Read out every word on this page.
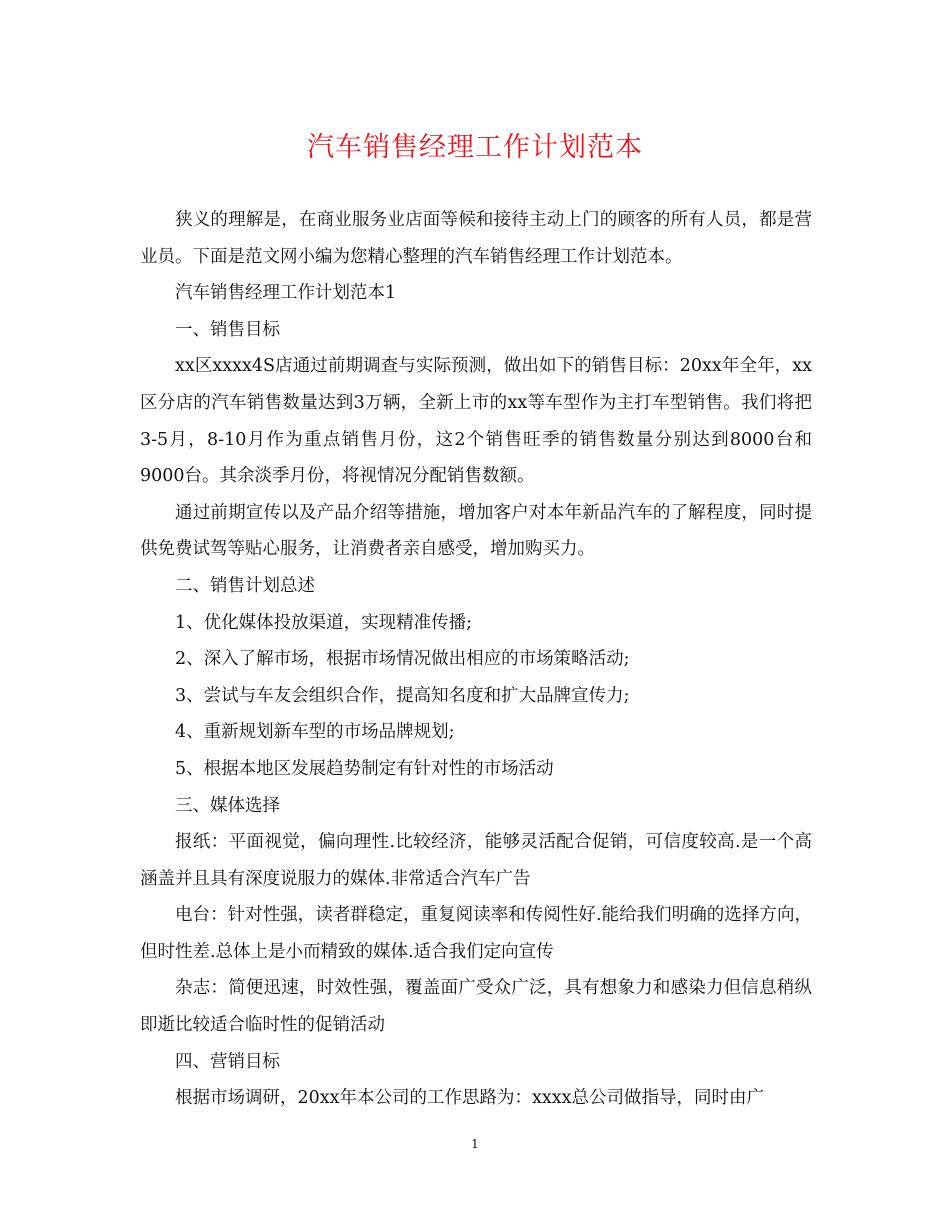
汽车销售经理工作计划范本

狭义的理解是，在商业服务业店面等候和接待主动上门的顾客的所有人员，都是营业员。下面是范文网小编为您精心整理的汽车销售经理工作计划范本。

汽车销售经理工作计划范本1

一、销售目标

xx区xxxx4S店通过前期调查与实际预测，做出如下的销售目标：20xx年全年，xx区分店的汽车销售数量达到3万辆，全新上市的xx等车型作为主打车型销售。我们将把3-5月，8-10月作为重点销售月份，这2个销售旺季的销售数量分别达到8000台和9000台。其余淡季月份，将视情况分配销售数额。

通过前期宣传以及产品介绍等措施，增加客户对本年新品汽车的了解程度，同时提供免费试驾等贴心服务，让消费者亲自感受，增加购买力。

二、销售计划总述

1、优化媒体投放渠道，实现精准传播;

2、深入了解市场，根据市场情况做出相应的市场策略活动;

3、尝试与车友会组织合作，提高知名度和扩大品牌宣传力;

4、重新规划新车型的市场品牌规划;

5、根据本地区发展趋势制定有针对性的市场活动

三、媒体选择

报纸：平面视觉，偏向理性.比较经济，能够灵活配合促销，可信度较高.是一个高涵盖并且具有深度说服力的媒体.非常适合汽车广告

电台：针对性强，读者群稳定，重复阅读率和传阅性好.能给我们明确的选择方向，但时性差.总体上是小而精致的媒体.适合我们定向宣传

杂志：简便迅速，时效性强，覆盖面广受众广泛，具有想象力和感染力但信息稍纵即逝比较适合临时性的促销活动

四、营销目标

根据市场调研，20xx年本公司的工作思路为：xxxx总公司做指导，同时由广

1
